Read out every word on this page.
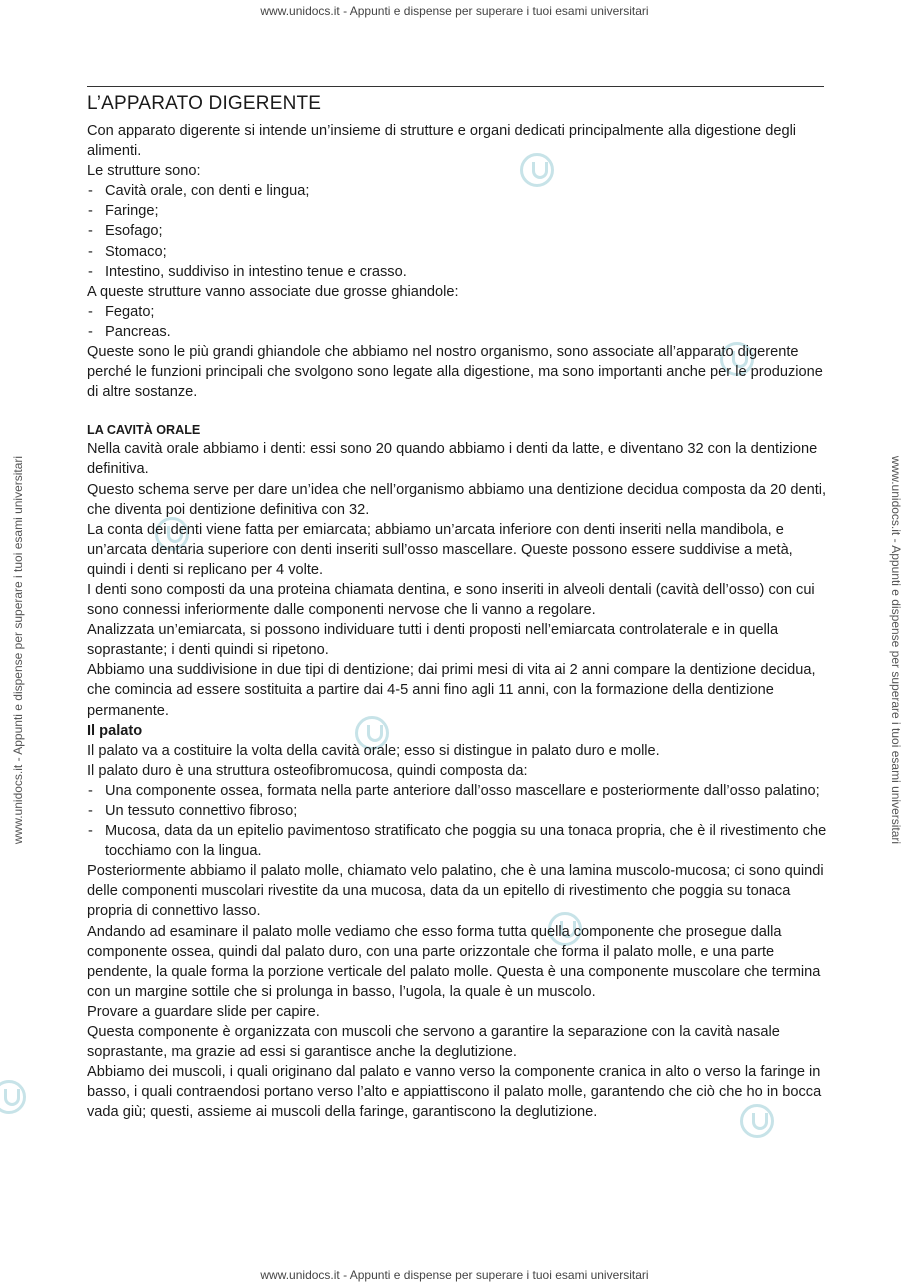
www.unidocs.it - Appunti e dispense per superare i tuoi esami universitari
www.unidocs.it - Appunti e dispense per superare i tuoi esami universitari	www.unidocs.it - Appunti e dispense per superare i tuoi esami universitari
www.unidocs.it - Appunti e dispense per superare i tuoi esami universitari
L’APPARATO DIGERENTE

Con apparato digerente si intende un’insieme di strutture e organi dedicati principalmente alla digestione degli alimenti.

Le strutture sono:

- Cavità orale, con denti e lingua;
- Faringe;
- Esofago;
- Stomaco;
- Intestino, suddiviso in intestino tenue e crasso.

A queste strutture vanno associate due grosse ghiandole:

- Fegato;
- Pancreas.

Queste sono le più grandi ghiandole che abbiamo nel nostro organismo, sono associate all’apparato digerente perché le funzioni principali che svolgono sono legate alla digestione, ma sono importanti anche per le produzione di altre sostanze.

LA CAVITÀ ORALE

Nella cavità orale abbiamo i denti: essi sono 20 quando abbiamo i denti da latte, e diventano 32 con la dentizione definitiva.

Questo schema serve per dare un’idea che nell’organismo abbiamo una dentizione decidua composta da 20 denti, che diventa poi dentizione definitiva con 32.

La conta dei denti viene fatta per emiarcata; abbiamo un’arcata inferiore con denti inseriti nella mandibola, e un’arcata dentaria superiore con denti inseriti sull’osso mascellare. Queste possono essere suddivise a metà, quindi i denti si replicano per 4 volte.

I denti sono composti da una proteina chiamata dentina, e sono inseriti in alveoli dentali (cavità dell’osso) con cui sono connessi inferiormente dalle componenti nervose che li vanno a regolare.

Analizzata un’emiarcata, si possono individuare tutti i denti proposti nell’emiarcata controlaterale e in quella soprastante; i denti quindi si ripetono.

Abbiamo una suddivisione in due tipi di dentizione; dai primi mesi di vita ai 2 anni compare la dentizione decidua, che comincia ad essere sostituita a partire dai 4-5 anni fino agli 11 anni, con la formazione della dentizione permanente.

Il palato

Il palato va a costituire la volta della cavità orale; esso si distingue in palato duro e molle.

Il palato duro è una struttura osteofibromucosa, quindi composta da:

- Una componente ossea, formata nella parte anteriore dall’osso mascellare e posteriormente dall’osso palatino;
- Un tessuto connettivo fibroso;
- Mucosa, data da un epitelio pavimentoso stratificato che poggia su una tonaca propria, che è il rivestimento che tocchiamo con la lingua.

Posteriormente abbiamo il palato molle, chiamato velo palatino, che è una lamina muscolo-mucosa; ci sono quindi delle componenti muscolari rivestite da una mucosa, data da un epitello di rivestimento che poggia su tonaca propria di connettivo lasso.

Andando ad esaminare il palato molle vediamo che esso forma tutta quella componente che prosegue dalla componente ossea, quindi dal palato duro, con una parte orizzontale che forma il palato molle, e una parte pendente, la quale forma la porzione verticale del palato molle. Questa è una componente muscolare che termina con un margine sottile che si prolunga in basso, l’ugola, la quale è un muscolo.

Provare a guardare slide per capire.

Questa componente è organizzata con muscoli che servono a garantire la separazione con la cavità nasale soprastante, ma grazie ad essi si garantisce anche la deglutizione.

Abbiamo dei muscoli, i quali originano dal palato e vanno verso la componente cranica in alto o verso la faringe in basso, i quali contraendosi portano verso l’alto e appiattiscono il palato molle, garantendo che ciò che ho in bocca vada giù; questi, assieme ai muscoli della faringe, garantiscono la deglutizione.
